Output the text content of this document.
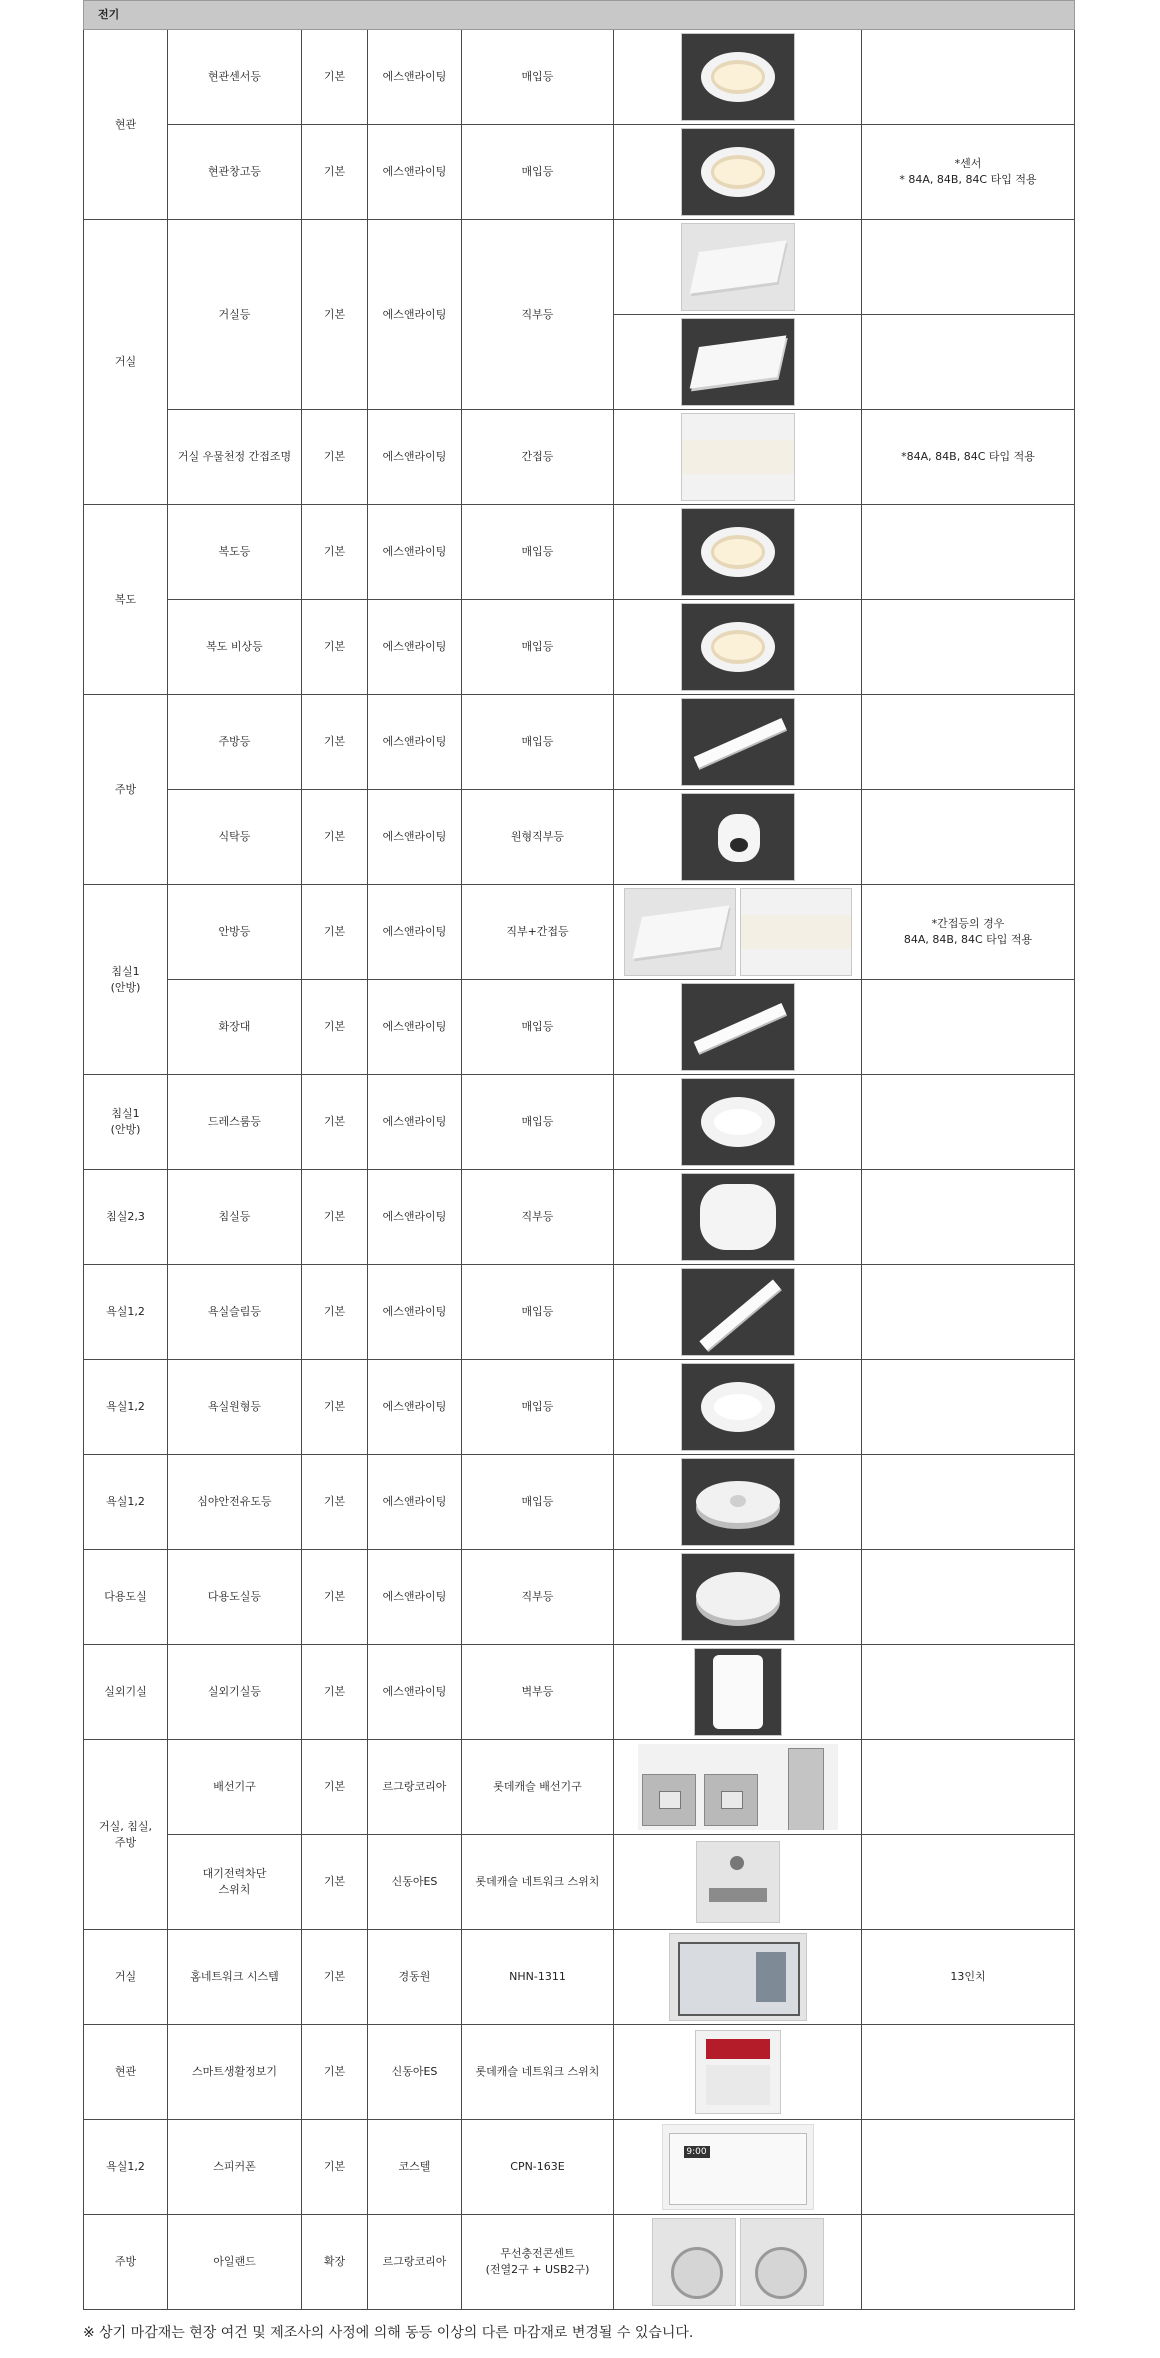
전기						
현관	현관센서등	기본	에스앤라이팅	매입등	

	현관창고등	기본	에스앤라이팅	매입등		*센서
* 84A, 84B, 84C 타입 적용
거실	거실등	기본	에스앤라이팅	직부등	

	거실 우물천정 간접조명	기본	에스앤라이팅	간접등		*84A, 84B, 84C 타입 적용
복도	복도등	기본	에스앤라이팅	매입등	

	복도 비상등	기본	에스앤라이팅	매입등	

주방	주방등	기본	에스앤라이팅	매입등	

	식탁등	기본	에스앤라이팅	원형직부등	

침실1
(안방)	안방등	기본	에스앤라이팅	직부+간접등		*간접등의 경우
84A, 84B, 84C 타입 적용
	화장대	기본	에스앤라이팅	매입등	

침실1
(안방)	드레스룸등	기본	에스앤라이팅	매입등	

침실2,3	침실등	기본	에스앤라이팅	직부등	

욕실1,2	욕실슬림등	기본	에스앤라이팅	매입등	

욕실1,2	욕실원형등	기본	에스앤라이팅	매입등	

욕실1,2	심야안전유도등	기본	에스앤라이팅	매입등	

다용도실	다용도실등	기본	에스앤라이팅	직부등	

실외기실	실외기실등	기본	에스앤라이팅	벽부등	

거실, 침실,
주방	배선기구	기본	르그랑코리아	롯데캐슬 배선기구	

	대기전력차단
스위치	기본	신동아ES	롯데캐슬 네트워크 스위치	

거실	홈네트워크 시스템	기본	경동원	NHN-1311		13인치
현관	스마트생활정보기	기본	신동아ES	롯데캐슬 네트워크 스위치	

욕실1,2	스피커폰	기본	코스텔	CPN-163E	9:00	

주방	아일랜드	확장	르그랑코리아	무선충전콘센트
(전열2구 + USB2구)	

※ 상기 마감재는 현장 여건 및 제조사의 사정에 의해 동등 이상의 다른 마감재로 변경될 수 있습니다.
